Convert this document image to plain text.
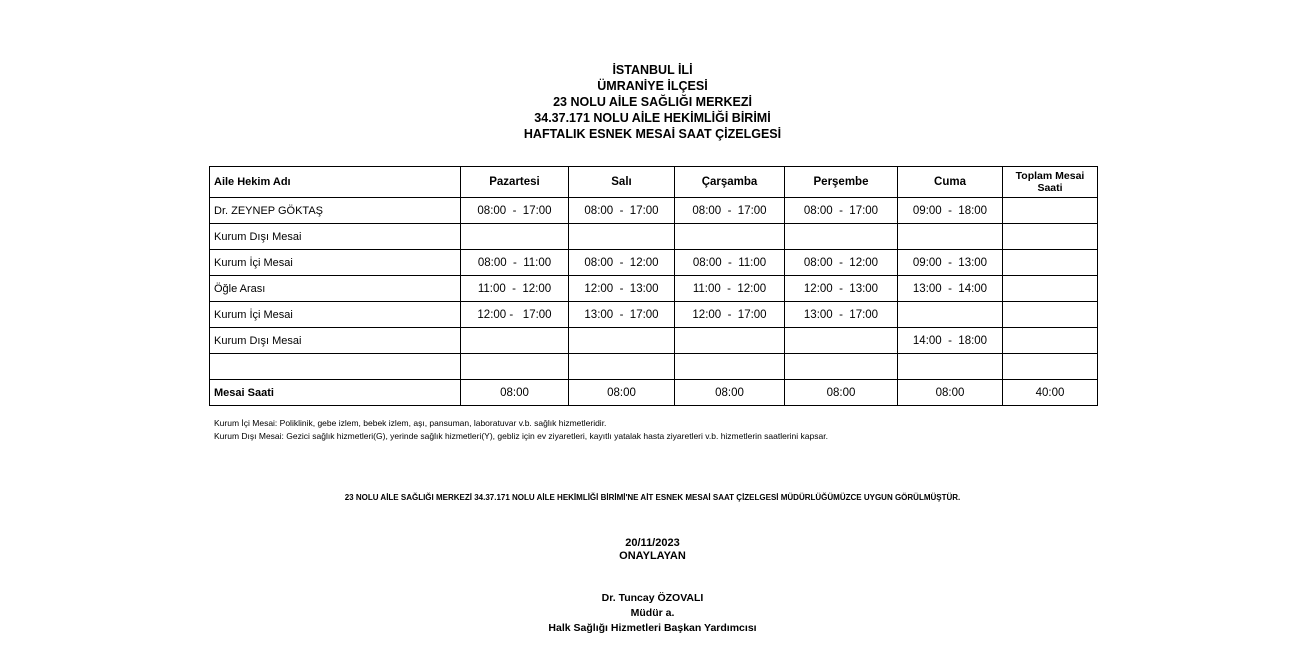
İSTANBUL İLİ
ÜMRANİYE İLÇESİ
23 NOLU AİLE SAĞLIĞI MERKEZİ
34.37.171 NOLU AİLE HEKİMLİĞİ BİRİMİ
HAFTALIK ESNEK MESAİ SAAT ÇİZELGESİ
Aile Hekim Adı	Pazartesi	Salı	Çarşamba	Perşembe	Cuma	Toplam Mesai Saati
Dr. ZEYNEP GÖKTAŞ	08:00  -  17:00	08:00  -  17:00	08:00  -  17:00	08:00  -  17:00	09:00  -  18:00	
Kurum Dışı Mesai						
Kurum İçi Mesai	08:00  -  11:00	08:00  -  12:00	08:00  -  11:00	08:00  -  12:00	09:00  -  13:00	
Öğle Arası	11:00  -  12:00	12:00  -  13:00	11:00  -  12:00	12:00  -  13:00	13:00  -  14:00	
Kurum İçi Mesai	12:00 -   17:00	13:00  -  17:00	12:00  -  17:00	13:00  -  17:00		
Kurum Dışı Mesai					14:00  -  18:00	

Mesai Saati	08:00	08:00	08:00	08:00	08:00	40:00
Kurum İçi Mesai: Poliklinik, gebe izlem, bebek izlem, aşı, pansuman, laboratuvar v.b. sağlık hizmetleridir.
Kurum Dışı Mesai: Gezici sağlık hizmetleri(G), yerinde sağlık hizmetleri(Y), gebliz için ev ziyaretleri, kayıtlı yatalak hasta ziyaretleri v.b. hizmetlerin saatlerini kapsar.
23 NOLU AİLE SAĞLIĞI MERKEZİ 34.37.171 NOLU AİLE HEKİMLİĞİ BİRİMİ'NE AİT ESNEK MESAİ SAAT ÇİZELGESİ MÜDÜRLÜĞÜMÜZCE UYGUN GÖRÜLMÜŞTÜR.
20/11/2023
ONAYLAYAN
Dr. Tuncay ÖZOVALI
Müdür a.
Halk Sağlığı Hizmetleri Başkan Yardımcısı
